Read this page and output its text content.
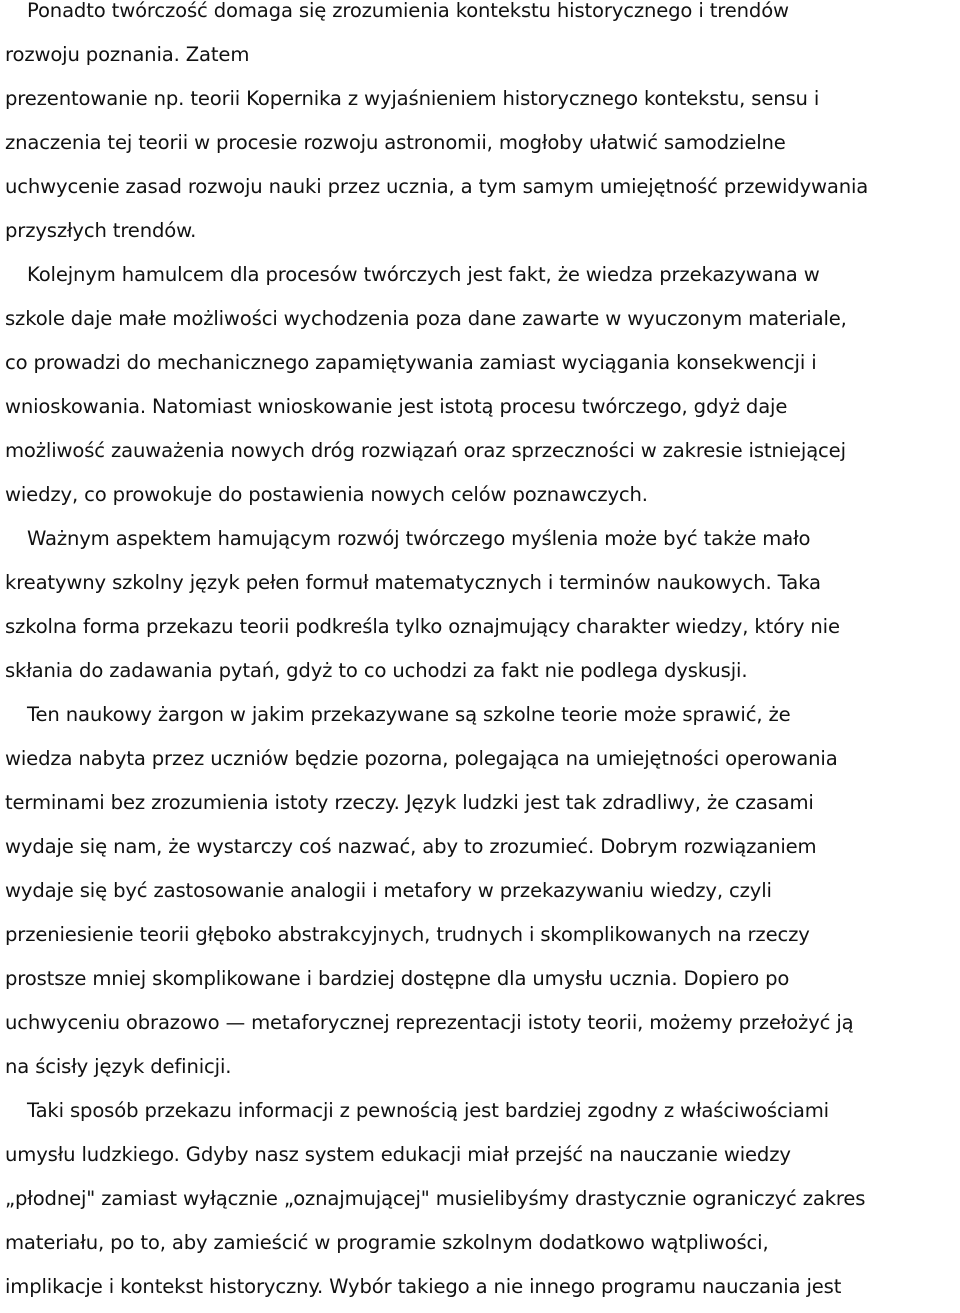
Ponadto twórczość domaga się zrozumienia kontekstu historycznego i trendów
rozwoju poznania. Zatem
prezentowanie np. teorii Kopernika z wyjaśnieniem historycznego kontekstu, sensu i
znaczenia tej teorii w procesie rozwoju astronomii, mogłoby ułatwić samodzielne
uchwycenie zasad rozwoju nauki przez ucznia, a tym samym umiejętność przewidywania
przyszłych trendów.
Kolejnym hamulcem dla procesów twórczych jest fakt, że wiedza przekazywana w
szkole daje małe możliwości wychodzenia poza dane zawarte w wyuczonym materiale,
co prowadzi do mechanicznego zapamiętywania zamiast wyciągania konsekwencji i
wnioskowania. Natomiast wnioskowanie jest istotą procesu twórczego, gdyż daje
możliwość zauważenia nowych dróg rozwiązań oraz sprzeczności w zakresie istniejącej
wiedzy, co prowokuje do postawienia nowych celów poznawczych.
Ważnym aspektem hamującym rozwój twórczego myślenia może być także mało
kreatywny szkolny język pełen formuł matematycznych i terminów naukowych. Taka
szkolna forma przekazu teorii podkreśla tylko oznajmujący charakter wiedzy, który nie
skłania do zadawania pytań, gdyż to co uchodzi za fakt nie podlega dyskusji.
Ten naukowy żargon w jakim przekazywane są szkolne teorie może sprawić, że
wiedza nabyta przez uczniów będzie pozorna, polegająca na umiejętności operowania
terminami bez zrozumienia istoty rzeczy. Język ludzki jest tak zdradliwy, że czasami
wydaje się nam, że wystarczy coś nazwać, aby to zrozumieć. Dobrym rozwiązaniem
wydaje się być zastosowanie analogii i metafory w przekazywaniu wiedzy, czyli
przeniesienie teorii głęboko abstrakcyjnych, trudnych i skomplikowanych na rzeczy
prostsze mniej skomplikowane i bardziej dostępne dla umysłu ucznia. Dopiero po
uchwyceniu obrazowo — metaforycznej reprezentacji istoty teorii, możemy przełożyć ją
na ścisły język definicji.
Taki sposób przekazu informacji z pewnością jest bardziej zgodny z właściwościami
umysłu ludzkiego. Gdyby nasz system edukacji miał przejść na nauczanie wiedzy
„płodnej" zamiast wyłącznie „oznajmującej" musielibyśmy drastycznie ograniczyć zakres
materiału, po to, aby zamieścić w programie szkolnym dodatkowo wątpliwości,
implikacje i kontekst historyczny. Wybór takiego a nie innego programu nauczania jest
